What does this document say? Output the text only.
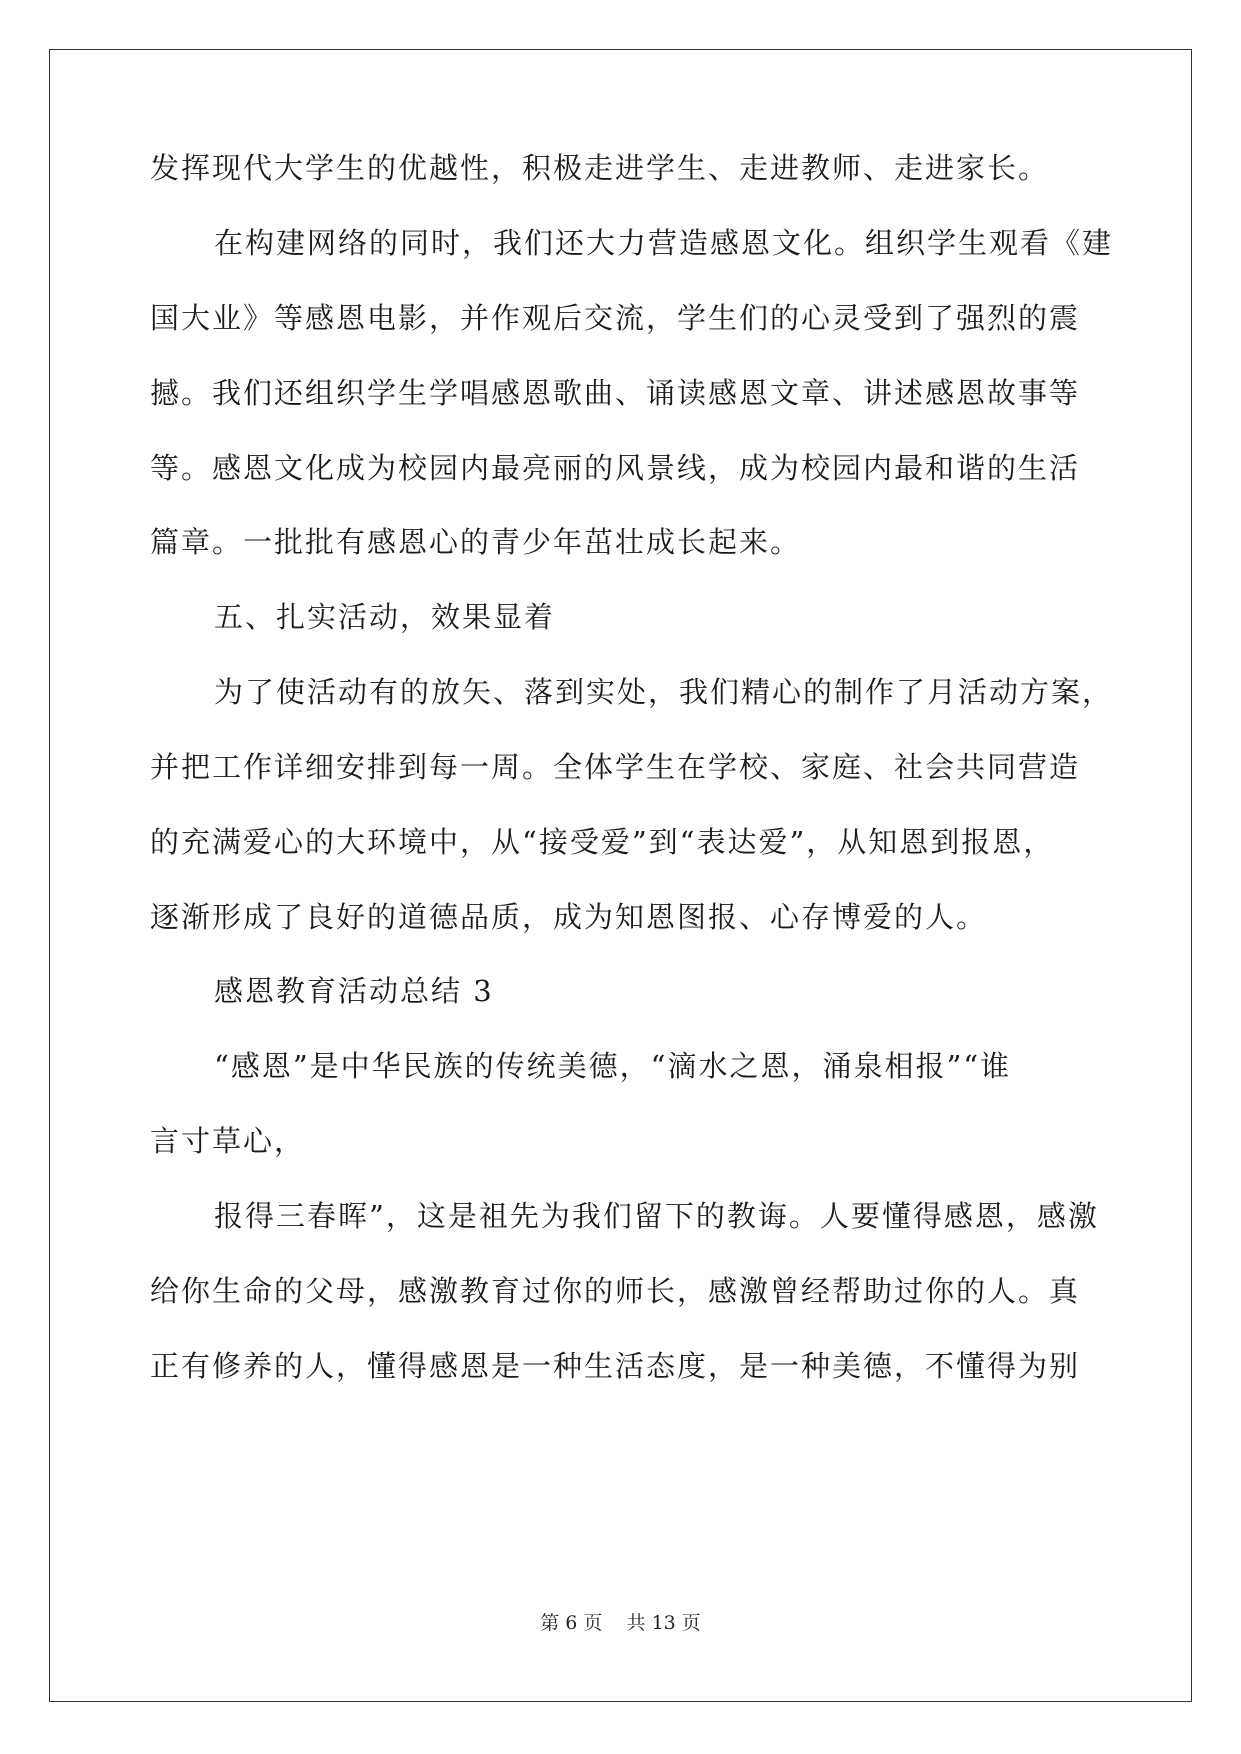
发挥现代大学生的优越性，积极走进学生、走进教师、走进家长。
在构建网络的同时，我们还大力营造感恩文化。组织学生观看《建
国大业》等感恩电影，并作观后交流，学生们的心灵受到了强烈的震
撼。我们还组织学生学唱感恩歌曲、诵读感恩文章、讲述感恩故事等
等。感恩文化成为校园内最亮丽的风景线，成为校园内最和谐的生活
篇章。一批批有感恩心的青少年茁壮成长起来。
五、扎实活动，效果显着
为了使活动有的放矢、落到实处，我们精心的制作了月活动方案，
并把工作详细安排到每一周。全体学生在学校、家庭、社会共同营造
的充满爱心的大环境中，从“接受爱”到“表达爱”，从知恩到报恩，
逐渐形成了良好的道德品质，成为知恩图报、心存博爱的人。
感恩教育活动总结 3
“感恩”是中华民族的传统美德，“滴水之恩，涌泉相报”“谁
言寸草心，
报得三春晖”，这是祖先为我们留下的教诲。人要懂得感恩，感激
给你生命的父母，感激教育过你的师长，感激曾经帮助过你的人。真
正有修养的人，懂得感恩是一种生活态度，是一种美德，不懂得为别
第 6 页 共 13 页
